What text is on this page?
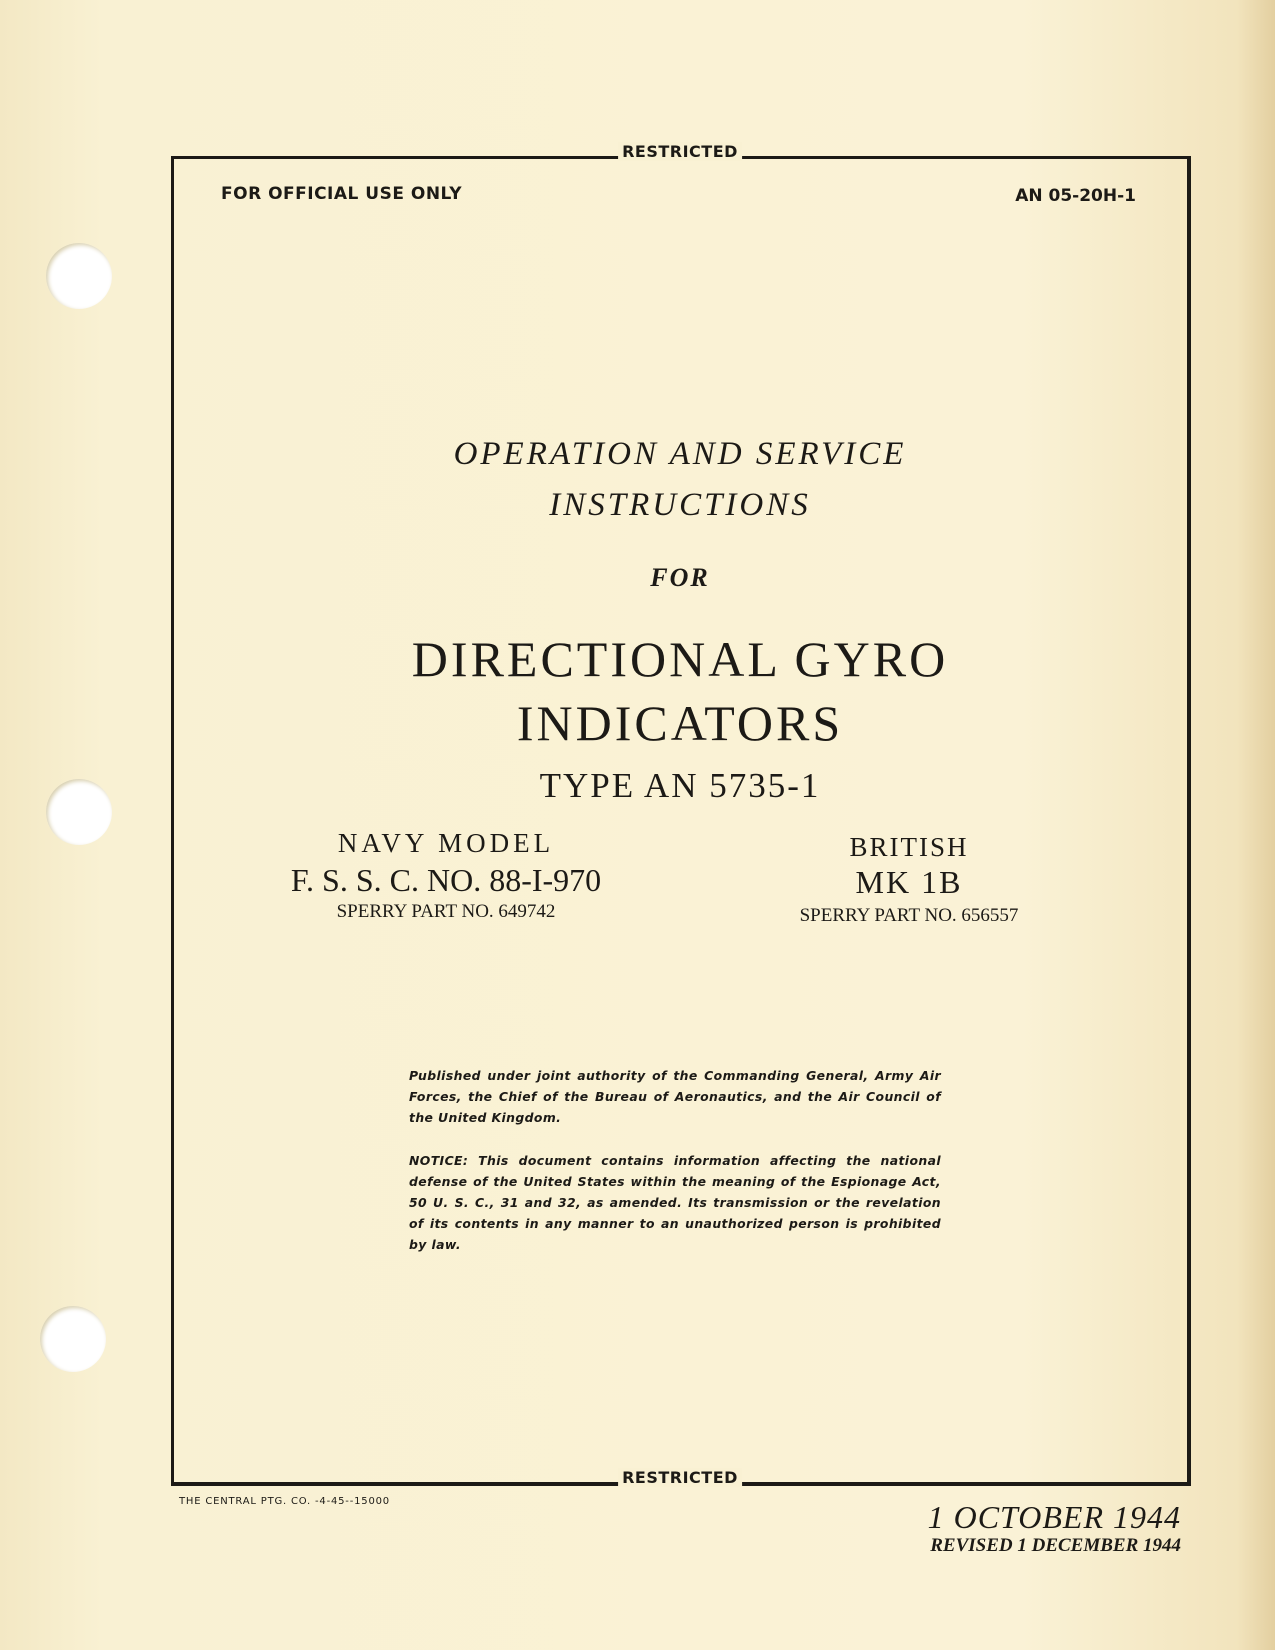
RESTRICTED
FOR OFFICIAL USE ONLY	AN 05-20H-1
OPERATION AND SERVICE
INSTRUCTIONS
FOR
DIRECTIONAL GYRO
INDICATORS
TYPE AN 5735-1
NAVY MODEL
F. S. S. C. NO. 88-I-970
SPERRY PART NO. 649742
BRITISH
MK 1B
SPERRY PART NO. 656557
Published under joint authority of the Commanding General, Army Air Forces, the Chief of the Bureau of Aeronautics, and the Air Council of the United Kingdom.
NOTICE: This document contains information affecting the national defense of the United States within the meaning of the Espionage Act, 50 U. S. C., 31 and 32, as amended. Its transmission or the revelation of its contents in any manner to an unauthorized person is prohibited by law.
RESTRICTED
THE CENTRAL PTG. CO. -4-45--15000	1 OCTOBER 1944
REVISED 1 DECEMBER 1944
